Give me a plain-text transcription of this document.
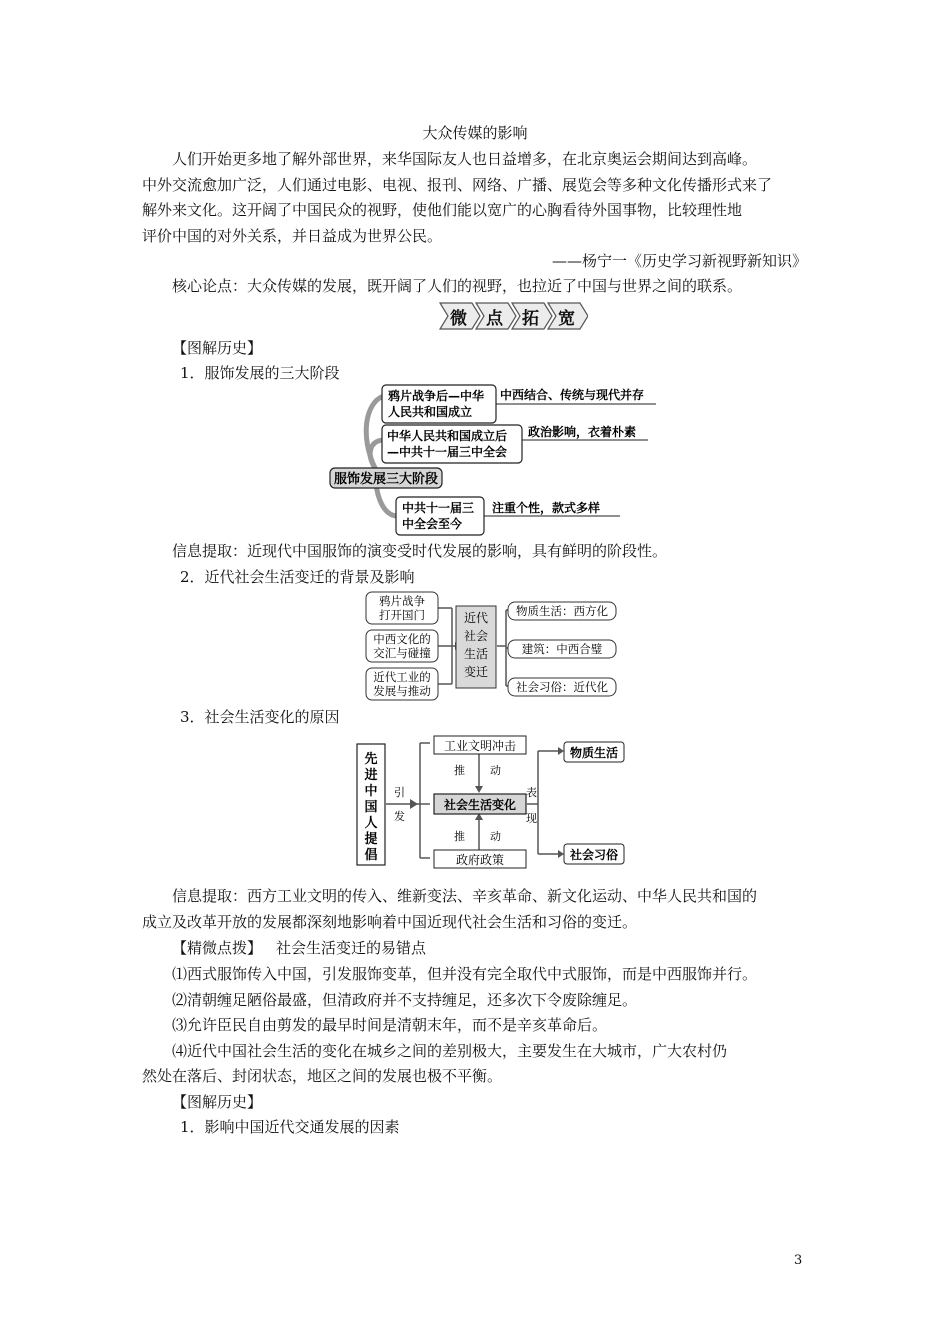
大众传媒的影响
人们开始更多地了解外部世界，来华国际友人也日益增多，在北京奥运会期间达到高峰。
中外交流愈加广泛，人们通过电影、电视、报刊、网络、广播、展览会等多种文化传播形式来了
解外来文化。这开阔了中国民众的视野，使他们能以宽广的心胸看待外国事物，比较理性地
评价中国的对外关系，并日益成为世界公民。
——杨宁一《历史学习新视野新知识》
核心论点：大众传媒的发展，既开阔了人们的视野，也拉近了中国与世界之间的联系。
微 点 拓 宽
【图解历史】
1．服饰发展的三大阶段
服饰发展三大阶段
鸦片战争后—中华
人民共和国成立
中西结合、传统与现代并存
中华人民共和国成立后
—中共十一届三中全会
政治影响，衣着朴素
中共十一届三
中全会至今
注重个性，款式多样
信息提取：近现代中国服饰的演变受时代发展的影响，具有鲜明的阶段性。
2．近代社会生活变迁的背景及影响
鸦片战争
打开国门
中西文化的
交汇与碰撞
近代工业的
发展与推动
近代
社会
生活
变迁
物质生活：西方化
建筑：中西合璧
社会习俗：近代化
3．社会生活变化的原因
先
进
中
国
人
提
倡
引
发
工业文明冲击
社会生活变化
政府政策
推 动
推 动
表
现
物质生活
社会习俗
信息提取：西方工业文明的传入、维新变法、辛亥革命、新文化运动、中华人民共和国的
成立及改革开放的发展都深刻地影响着中国近现代社会生活和习俗的变迁。
【精微点拨】 社会生活变迁的易错点
⑴西式服饰传入中国，引发服饰变革，但并没有完全取代中式服饰，而是中西服饰并行。
⑵清朝缠足陋俗最盛，但清政府并不支持缠足，还多次下令废除缠足。
⑶允许臣民自由剪发的最早时间是清朝末年，而不是辛亥革命后。
⑷近代中国社会生活的变化在城乡之间的差别极大，主要发生在大城市，广大农村仍
然处在落后、封闭状态，地区之间的发展也极不平衡。
【图解历史】
1．影响中国近代交通发展的因素
3
